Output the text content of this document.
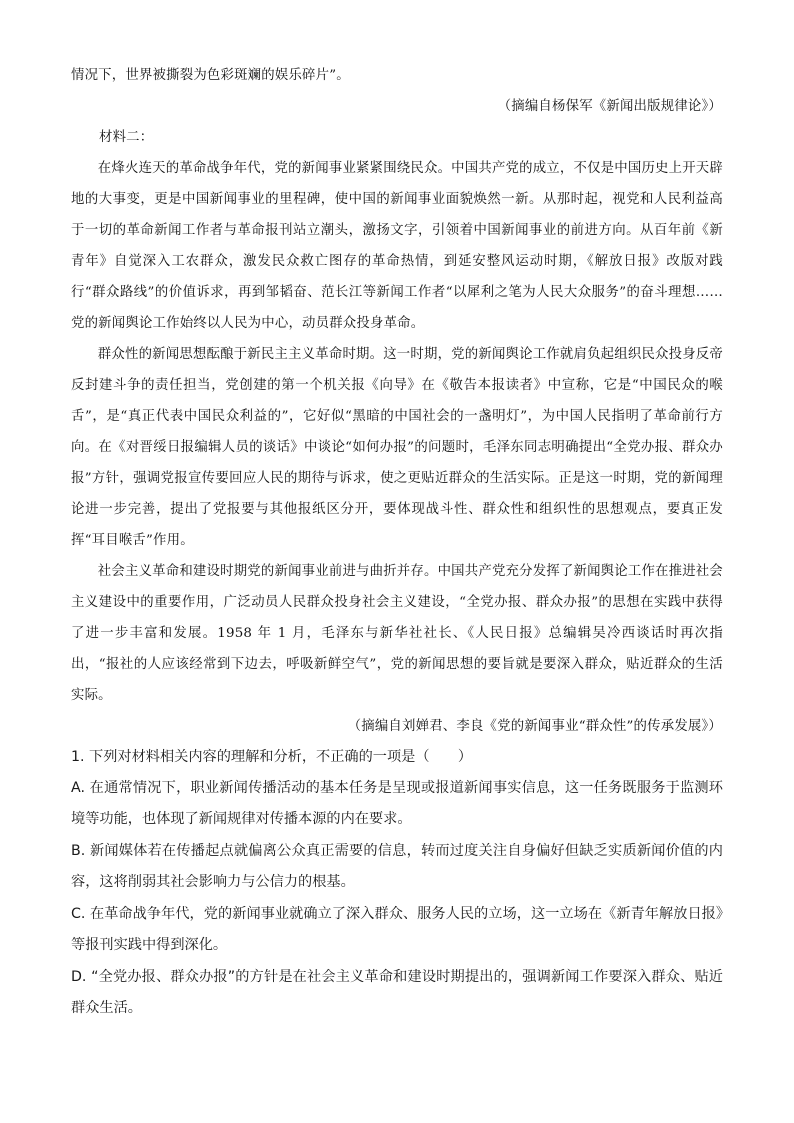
情况下，世界被撕裂为色彩斑斓的娱乐碎片”。

（摘编自杨保军《新闻出版规律论》）
材料二：

在烽火连天的革命战争年代，党的新闻事业紧紧围绕民众。中国共产党的成立，不仅是中国历史上开天辟地的大事变，更是中国新闻事业的里程碑，使中国的新闻事业面貌焕然一新。从那时起，视党和人民利益高于一切的革命新闻工作者与革命报刊站立潮头，激扬文字，引领着中国新闻事业的前进方向。从百年前《新青年》自觉深入工农群众，激发民众救亡图存的革命热情，到延安整风运动时期，《解放日报》改版对践行“群众路线”的价值诉求，再到邹韬奋、范长江等新闻工作者“以犀利之笔为人民大众服务”的奋斗理想……党的新闻舆论工作始终以人民为中心，动员群众投身革命。

群众性的新闻思想酝酿于新民主主义革命时期。这一时期，党的新闻舆论工作就肩负起组织民众投身反帝反封建斗争的责任担当，党创建的第一个机关报《向导》在《敬告本报读者》中宣称，它是“中国民众的喉舌”，是“真正代表中国民众利益的”，它好似“黑暗的中国社会的一盏明灯”，为中国人民指明了革命前行方向。在《对晋绥日报编辑人员的谈话》中谈论“如何办报”的问题时，毛泽东同志明确提出“全党办报、群众办报”方针，强调党报宣传要回应人民的期待与诉求，使之更贴近群众的生活实际。正是这一时期，党的新闻理论进一步完善，提出了党报要与其他报纸区分开，要体现战斗性、群众性和组织性的思想观点，要真正发挥“耳目喉舌”作用。

社会主义革命和建设时期党的新闻事业前进与曲折并存。中国共产党充分发挥了新闻舆论工作在推进社会主义建设中的重要作用，广泛动员人民群众投身社会主义建设，“全党办报、群众办报”的思想在实践中获得了进一步丰富和发展。1958 年 1 月，毛泽东与新华社社长、《人民日报》总编辑吴冷西谈话时再次指出，“报社的人应该经常到下边去，呼吸新鲜空气”，党的新闻思想的要旨就是要深入群众，贴近群众的生活实际。

（摘编自刘婵君、李良《党的新闻事业“群众性”的传承发展》）

1. 下列对材料相关内容的理解和分析，不正确的一项是（　　）

A. 在通常情况下，职业新闻传播活动的基本任务是呈现或报道新闻事实信息，这一任务既服务于监测环境等功能，也体现了新闻规律对传播本源的内在要求。

B. 新闻媒体若在传播起点就偏离公众真正需要的信息，转而过度关注自身偏好但缺乏实质新闻价值的内容，这将削弱其社会影响力与公信力的根基。

C. 在革命战争年代，党的新闻事业就确立了深入群众、服务人民的立场，这一立场在《新青年解放日报》等报刊实践中得到深化。

D. “全党办报、群众办报”的方针是在社会主义革命和建设时期提出的，强调新闻工作要深入群众、贴近群众生活。
